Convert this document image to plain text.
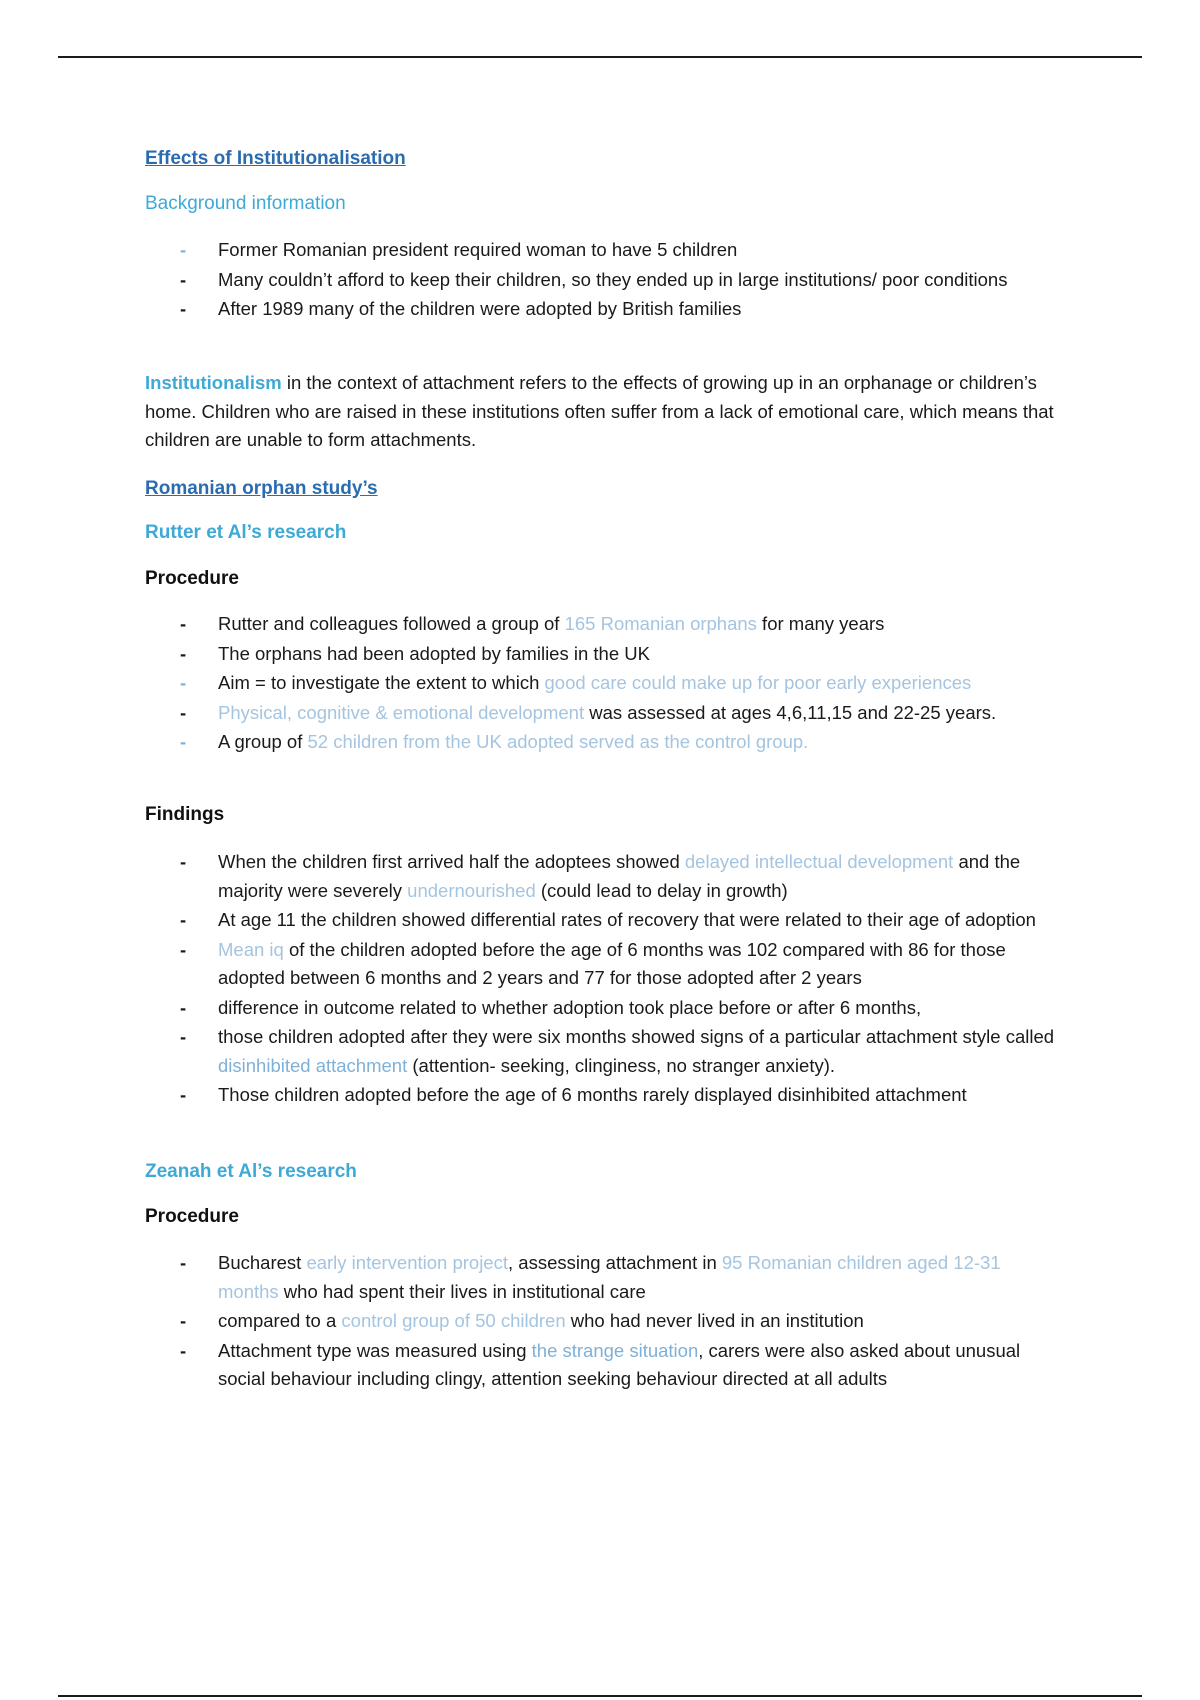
Effects of Institutionalisation
Background information
- Former Romanian president required woman to have 5 children
- Many couldn’t afford to keep their children, so they ended up in large institutions/ poor conditions
- After 1989 many of the children were adopted by British families
Institutionalism in the context of attachment refers to the effects of growing up in an orphanage or children’s home. Children who are raised in these institutions often suffer from a lack of emotional care, which means that children are unable to form attachments.
Romanian orphan study’s
Rutter et Al’s research
Procedure
- Rutter and colleagues followed a group of 165 Romanian orphans for many years
- The orphans had been adopted by families in the UK
- Aim = to investigate the extent to which good care could make up for poor early experiences
- Physical, cognitive & emotional development was assessed at ages 4,6,11,15 and 22-25 years.
- A group of 52 children from the UK adopted served as the control group.
Findings
- When the children first arrived half the adoptees showed delayed intellectual development and the majority were severely undernourished (could lead to delay in growth)
- At age 11 the children showed differential rates of recovery that were related to their age of adoption
- Mean iq of the children adopted before the age of 6 months was 102 compared with 86 for those adopted between 6 months and 2 years and 77 for those adopted after 2 years
- difference in outcome related to whether adoption took place before or after 6 months,
- those children adopted after they were six months showed signs of a particular attachment style called disinhibited attachment (attention- seeking, clinginess, no stranger anxiety).
- Those children adopted before the age of 6 months rarely displayed disinhibited attachment
Zeanah et Al’s research
Procedure
- Bucharest early intervention project, assessing attachment in 95 Romanian children aged 12-31 months who had spent their lives in institutional care
- compared to a control group of 50 children who had never lived in an institution
- Attachment type was measured using the strange situation, carers were also asked about unusual social behaviour including clingy, attention seeking behaviour directed at all adults
